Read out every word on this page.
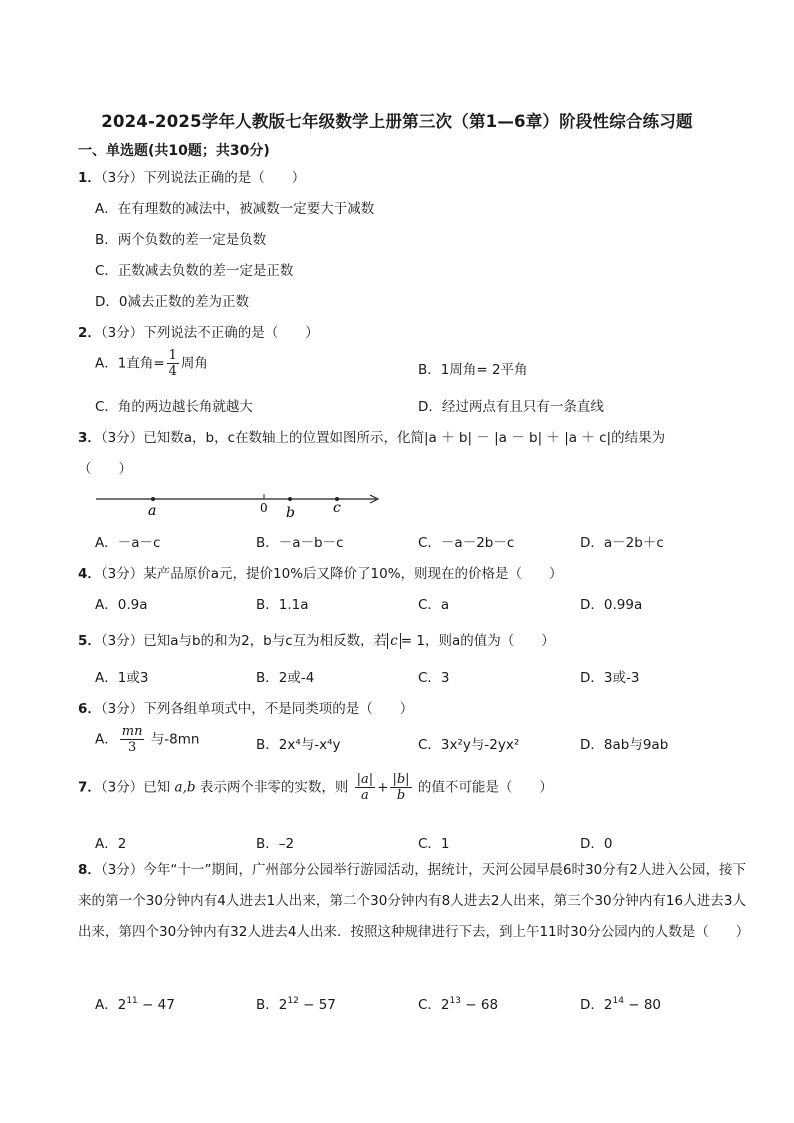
2024-2025学年人教版七年级数学上册第三次（第1—6章）阶段性综合练习题
一、单选题(共10题；共30分)
1．（3分）下列说法正确的是（　　）
A．在有理数的减法中，被减数一定要大于减数
B．两个负数的差一定是负数
C．正数减去负数的差一定是正数
D．0减去正数的差为正数
2．（3分）下列说法不正确的是（　　）
A．1直角= $\frac{1}{4}$ 周角	B．1周角= 2平角
C．角的两边越长角就越大	D．经过两点有且只有一条直线
3．（3分）已知数a，b，c在数轴上的位置如图所示，化简|a ＋ b| － |a － b| ＋ |a ＋ c|的结果为
（　　）
a	0 b	c
A．－a－c	B．－a－b－c	C．－a－2b－c	D．a－2b＋c
4．（3分）某产品原价a元，提价10%后又降价了10%，则现在的价格是（　　）
A．0.9a	B．1.1a	C．a	D．0.99a
5．（3分）已知a与b的和为2，b与c互为相反数，若 c = 1，则a的值为（　　）
A．1或3	B．2或-4	C．3	D．3或-3
6．（3分）下列各组单项式中，不是同类项的是（　　）
A． $\frac{mn}{3}$ 与-8mn	B．2x⁴与-x⁴y	C．3x²y与-2yx²	D．8ab与9ab
7．（3分）已知 a,b 表示两个非零的实数，则 $\frac{|a|}{a} + \frac{|b|}{b}$ 的值不可能是（　　）
A．2	B．–2	C．1	D．0
8．（3分）今年“十一”期间，广州部分公园举行游园活动，据统计，天河公园早晨6时30分有2人进入公园，接下来的第一个30分钟内有4人进去1人出来，第二个30分钟内有8人进去2人出来，第三个30分钟内有16人进去3人出来，第四个30分钟内有32人进去4人出来．按照这种规律进行下去，到上午11时30分公园内的人数是（　　）
A．$2^{11} - 47$	B．$2^{12} - 57$	C．$2^{13} - 68$	D．$2^{14} - 80$
